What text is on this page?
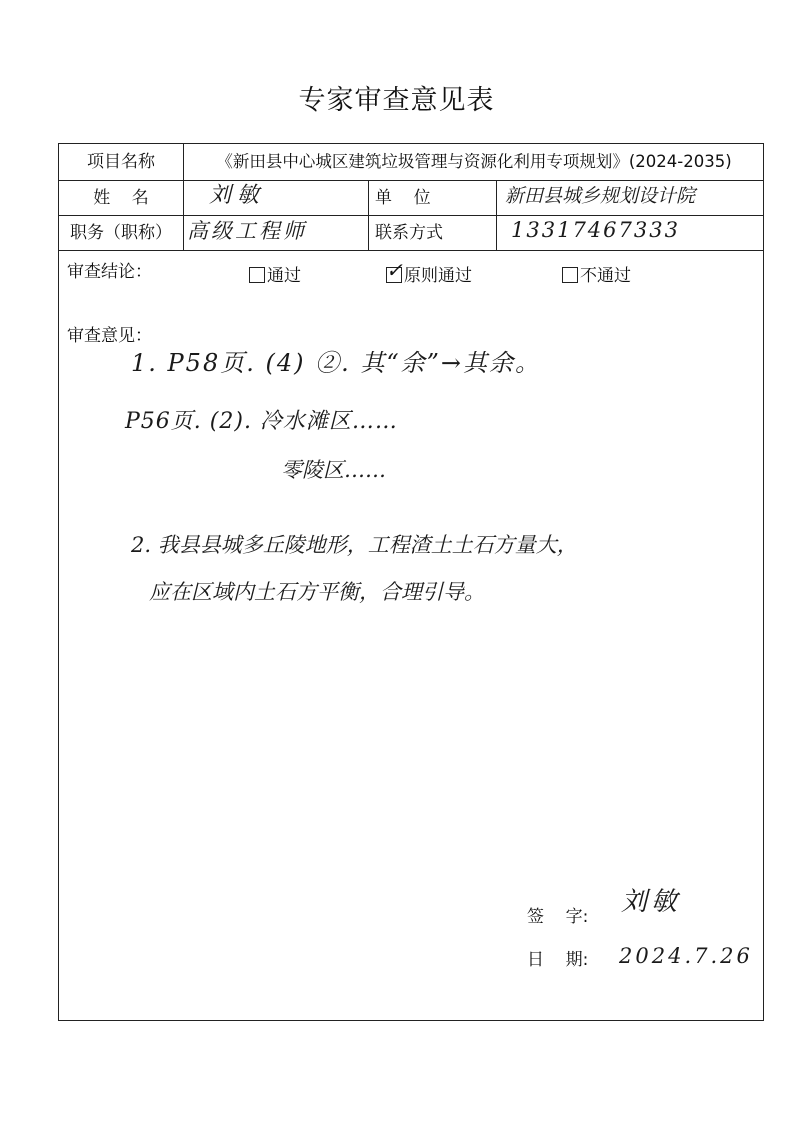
专家审查意见表
项目名称	《新田县中心城区建筑垃圾管理与资源化利用专项规划》(2024-2035)
姓    名	刘敏	单    位	新田县城乡规划设计院
职务（职称） 高级工程师	联系方式	13317467333
审查结论：	通过	✓ 原则通过	不通过
审查意见：
1. P58页. (4) ②. 其“余”→其余。
P56页. (2). 冷水滩区……
零陵区……
2. 我县县城多丘陵地形，工程渣土土石方量大，
应在区域内土石方平衡，合理引导。
签    字: 刘敏
日    期: 2024.7.26
